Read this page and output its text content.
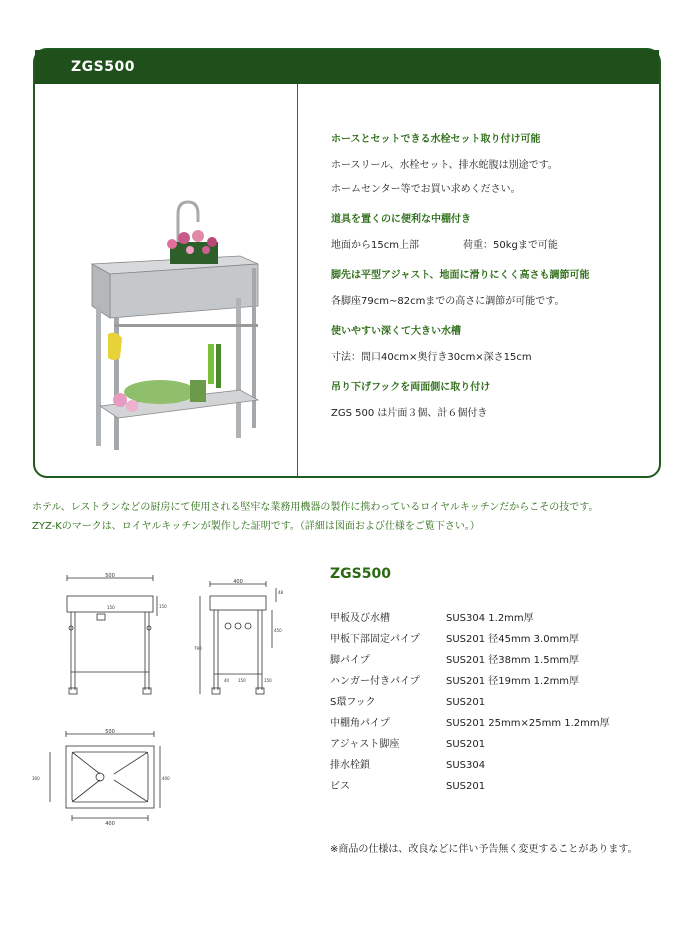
ZGS500
ホースとセットできる水栓セット取り付け可能
ホースリール、水栓セット、排水蛇腹は別途です。
ホームセンター等でお買い求めください。
道具を置くのに便利な中棚付き
地面から15cm上部	荷重：50kgまで可能
脚先は平型アジャスト、地面に滑りにくく高さも調節可能
各脚座79cm~82cmまでの高さに調節が可能です。
使いやすい深くて大きい水槽
寸法：間口40cm×奥行き30cm×深さ15cm
吊り下げフックを両面側に取り付け
ZGS 500 は片面３個、計６個付き

ホテル、レストランなどの厨房にて使用される堅牢な業務用機器の製作に携わっているロイヤルキッチンだからこその技です。

ZYZ-Kのマークは、ロイヤルキッチンが製作した証明です。（詳細は図面および仕様をご覧下さい。）

500
150	150
400
790
48
450
150	150
40
500
400
300
400
ZGS500
甲板及び水槽	SUS304 1.2mm厚
甲板下部固定パイプ	SUS201 径45mm 3.0mm厚
脚パイプ	SUS201 径38mm 1.5mm厚
ハンガー付きパイプ	SUS201 径19mm 1.2mm厚
S環フック	SUS201
中棚角パイプ	SUS201 25mm×25mm 1.2mm厚
アジャスト脚座	SUS201
排水栓鎖	SUS304
ビス	SUS201
※商品の仕様は、改良などに伴い予告無く変更することがあります。
